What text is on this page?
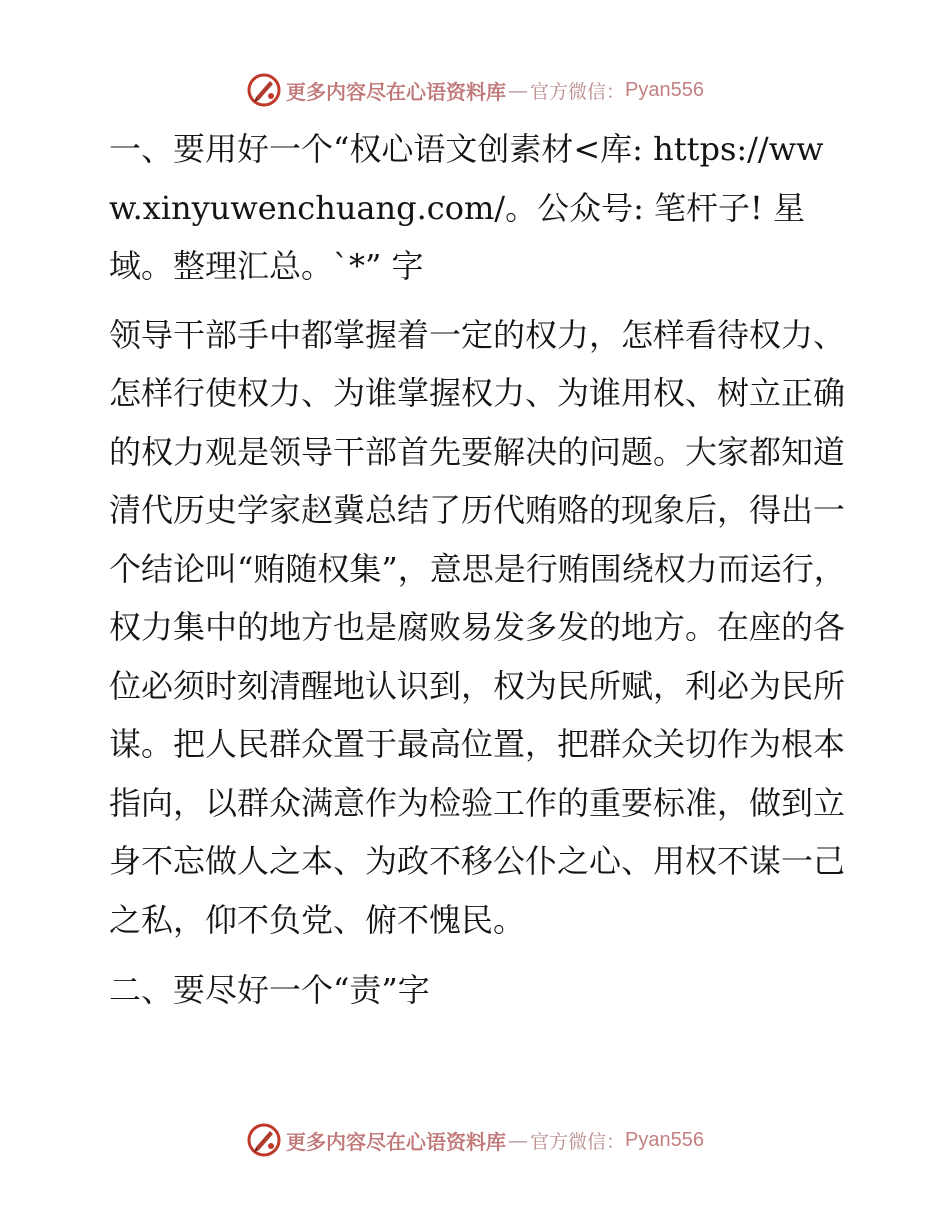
更多内容尽在心语资料库 — 官方微信： Pyan556

一、要用好一个“权心语文创素材<库: https://www.xinyuwenchuang.com/。公众号: 笔杆子! 星域。整理汇总。`*” 字

领导干部手中都掌握着一定的权力，怎样看待权力、怎样行使权力、为谁掌握权力、为谁用权、树立正确的权力观是领导干部首先要解决的问题。大家都知道清代历史学家赵冀总结了历代贿赂的现象后，得出一个结论叫“贿随权集”，意思是行贿围绕权力而运行，权力集中的地方也是腐败易发多发的地方。在座的各位必须时刻清醒地认识到，权为民所赋，利必为民所谋。把人民群众置于最高位置，把群众关切作为根本指向，以群众满意作为检验工作的重要标准，做到立身不忘做人之本、为政不移公仆之心、用权不谋一己之私，仰不负党、俯不愧民。

二、要尽好一个“责”字

更多内容尽在心语资料库 — 官方微信： Pyan556
